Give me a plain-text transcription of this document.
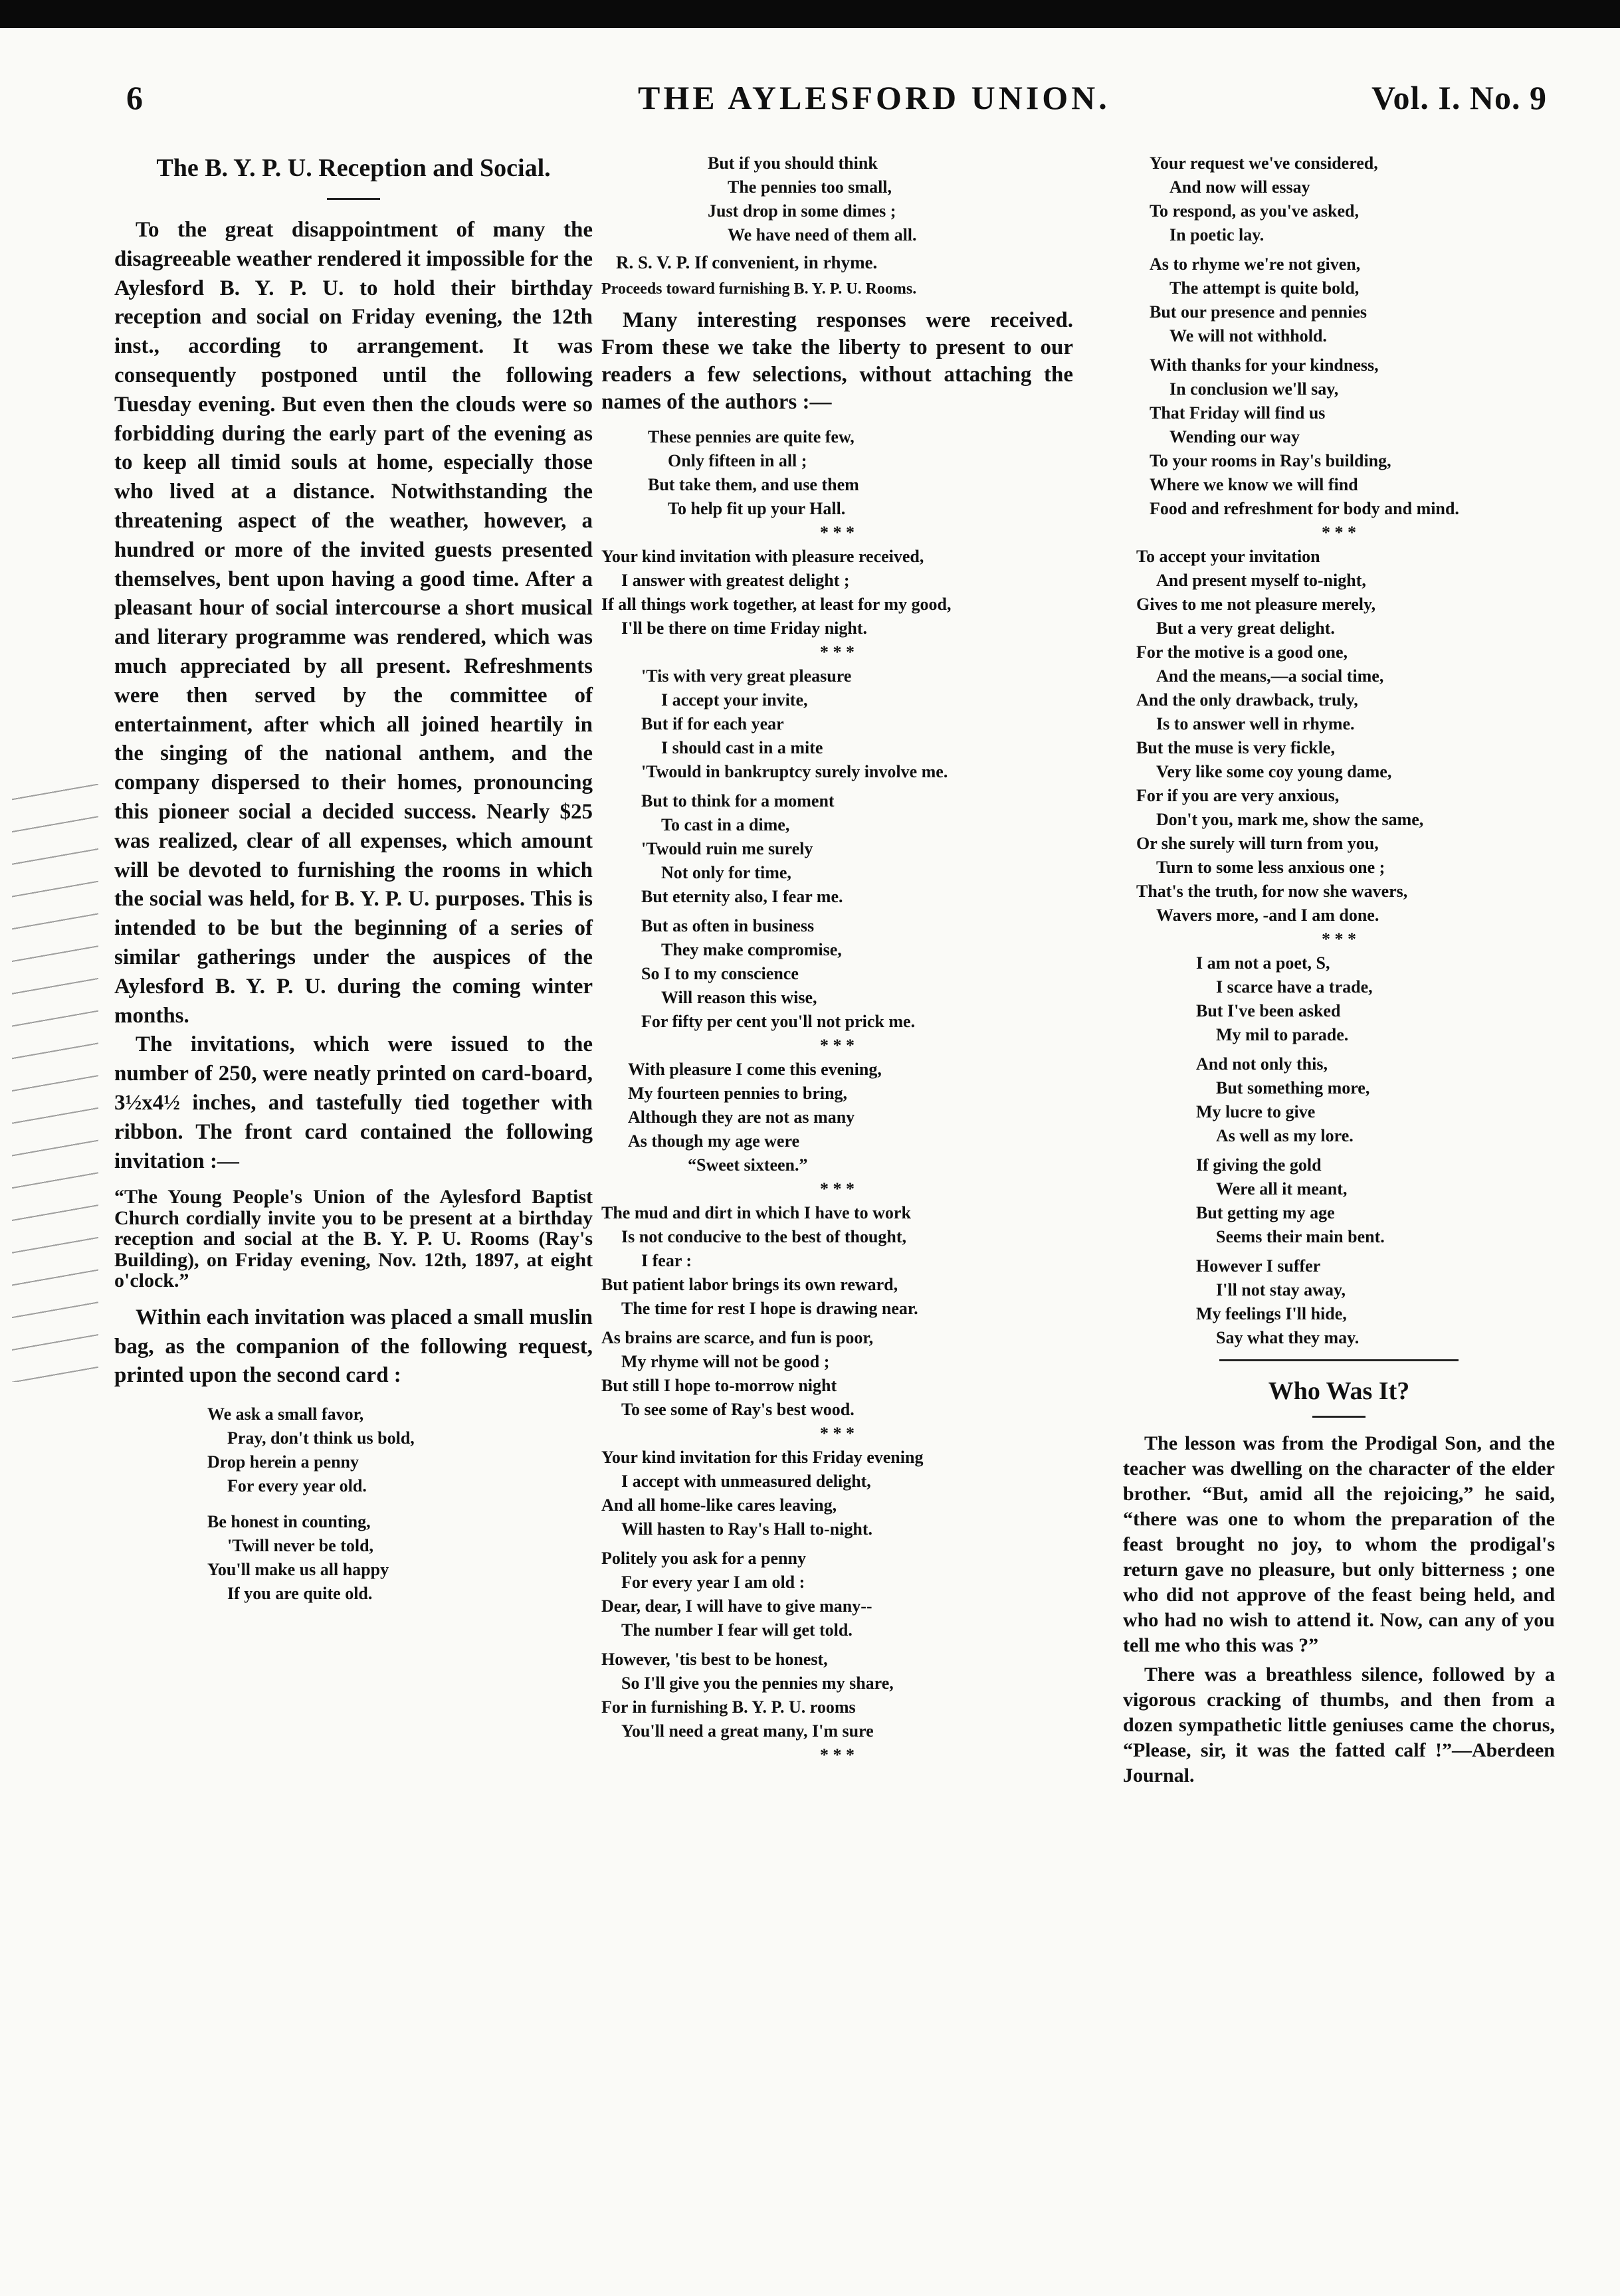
6	THE AYLESFORD UNION.	Vol. I. No. 9
The B. Y. P. U. Reception and Social.

To the great disappointment of many the disagreeable weather rendered it impossible for the Aylesford B. Y. P. U. to hold their birthday reception and social on Friday evening, the 12th inst., according to arrangement. It was consequently postponed until the following Tuesday evening. But even then the clouds were so forbidding during the early part of the evening as to keep all timid souls at home, especially those who lived at a distance. Notwithstanding the threatening aspect of the weather, however, a hundred or more of the invited guests presented themselves, bent upon having a good time. After a pleasant hour of social intercourse a short musical and literary programme was rendered, which was much appreciated by all present. Refreshments were then served by the committee of entertainment, after which all joined heartily in the singing of the national anthem, and the company dispersed to their homes, pronouncing this pioneer social a decided success. Nearly $25 was realized, clear of all expenses, which amount will be devoted to furnishing the rooms in which the social was held, for B. Y. P. U. purposes. This is intended to be but the beginning of a series of similar gatherings under the auspices of the Aylesford B. Y. P. U. during the coming winter months.

The invitations, which were issued to the number of 250, were neatly printed on card-board, 3½x4½ inches, and tastefully tied together with ribbon. The front card contained the following invitation :—

“The Young People's Union of the Aylesford Baptist Church cordially invite you to be present at a birthday reception and social at the B. Y. P. U. Rooms (Ray's Building), on Friday evening, Nov. 12th, 1897, at eight o'clock.”

Within each invitation was placed a small muslin bag, as the companion of the following request, printed upon the second card :

We ask a small favor,
Pray, don't think us bold,
Drop herein a penny
For every year old.
Be honest in counting,
'Twill never be told,
You'll make us all happy
If you are quite old.
But if you should think
The pennies too small,
Just drop in some dimes ;
We have need of them all.
R. S. V. P. If convenient, in rhyme.
Proceeds toward furnishing B. Y. P. U. Rooms.

Many interesting responses were received. From these we take the liberty to present to our readers a few selections, without attaching the names of the authors :—

These pennies are quite few,
Only fifteen in all ;
But take them, and use them
To help fit up your Hall.
* * *
Your kind invitation with pleasure received,
I answer with greatest delight ;
If all things work together, at least for my good,
I'll be there on time Friday night.
* * *
'Tis with very great pleasure
I accept your invite,
But if for each year
I should cast in a mite
'Twould in bankruptcy surely involve me.
But to think for a moment
To cast in a dime,
'Twould ruin me surely
Not only for time,
But eternity also, I fear me.
But as often in business
They make compromise,
So I to my conscience
Will reason this wise,
For fifty per cent you'll not prick me.
* * *
With pleasure I come this evening,
My fourteen pennies to bring,
Although they are not as many
As though my age were
“Sweet sixteen.”
* * *
The mud and dirt in which I have to work
Is not conducive to the best of thought,
I fear :
But patient labor brings its own reward,
The time for rest I hope is drawing near.
As brains are scarce, and fun is poor,
My rhyme will not be good ;
But still I hope to-morrow night
To see some of Ray's best wood.
* * *
Your kind invitation for this Friday evening
I accept with unmeasured delight,
And all home-like cares leaving,
Will hasten to Ray's Hall to-night.
Politely you ask for a penny
For every year I am old :
Dear, dear, I will have to give many--
The number I fear will get told.
However, 'tis best to be honest,
So I'll give you the pennies my share,
For in furnishing B. Y. P. U. rooms
You'll need a great many, I'm sure
* * *
Your request we've considered,
And now will essay
To respond, as you've asked,
In poetic lay.
As to rhyme we're not given,
The attempt is quite bold,
But our presence and pennies
We will not withhold.
With thanks for your kindness,
In conclusion we'll say,
That Friday will find us
Wending our way
To your rooms in Ray's building,
Where we know we will find
Food and refreshment for body and mind.
* * *
To accept your invitation
And present myself to-night,
Gives to me not pleasure merely,
But a very great delight.
For the motive is a good one,
And the means,—a social time,
And the only drawback, truly,
Is to answer well in rhyme.
But the muse is very fickle,
Very like some coy young dame,
For if you are very anxious,
Don't you, mark me, show the same,
Or she surely will turn from you,
Turn to some less anxious one ;
That's the truth, for now she wavers,
Wavers more, -and I am done.
* * *
I am not a poet, S,
I scarce have a trade,
But I've been asked
My mil to parade.
And not only this,
But something more,
My lucre to give
As well as my lore.
If giving the gold
Were all it meant,
But getting my age
Seems their main bent.
However I suffer
I'll not stay away,
My feelings I'll hide,
Say what they may.
Who Was It?

The lesson was from the Prodigal Son, and the teacher was dwelling on the character of the elder brother. “But, amid all the rejoicing,” he said, “there was one to whom the preparation of the feast brought no joy, to whom the prodigal's return gave no pleasure, but only bitterness ; one who did not approve of the feast being held, and who had no wish to attend it. Now, can any of you tell me who this was ?”

There was a breathless silence, followed by a vigorous cracking of thumbs, and then from a dozen sympathetic little geniuses came the chorus, “Please, sir, it was the fatted calf !”—Aberdeen Journal.
